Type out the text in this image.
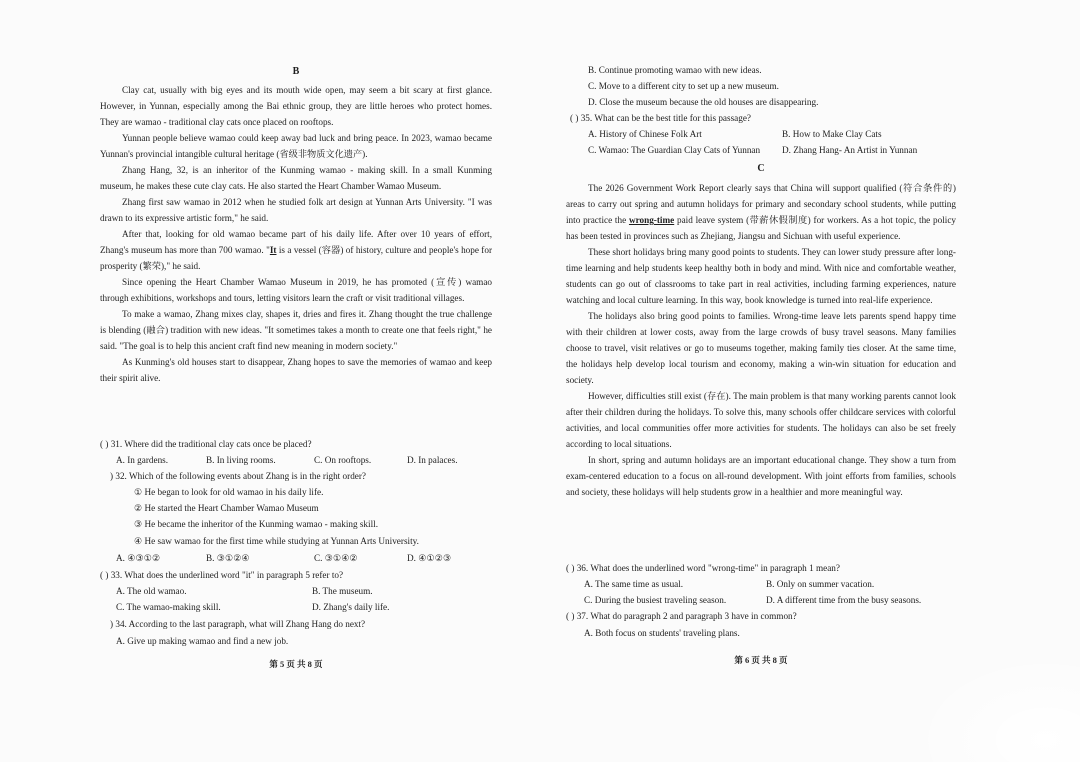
B

Clay cat, usually with big eyes and its mouth wide open, may seem a bit scary at first glance. However, in Yunnan, especially among the Bai ethnic group, they are little heroes who protect homes. They are wamao - traditional clay cats once placed on rooftops.

Yunnan people believe wamao could keep away bad luck and bring peace. In 2023, wamao became Yunnan's provincial intangible cultural heritage (省级非物质文化遗产).

Zhang Hang, 32, is an inheritor of the Kunming wamao - making skill. In a small Kunming museum, he makes these cute clay cats. He also started the Heart Chamber Wamao Museum.

Zhang first saw wamao in 2012 when he studied folk art design at Yunnan Arts University. "I was drawn to its expressive artistic form," he said.

After that, looking for old wamao became part of his daily life. After over 10 years of effort, Zhang's museum has more than 700 wamao. "It is a vessel (容器) of history, culture and people's hope for prosperity (繁荣)," he said.

Since opening the Heart Chamber Wamao Museum in 2019, he has promoted (宣传) wamao through exhibitions, workshops and tours, letting visitors learn the craft or visit traditional villages.

To make a wamao, Zhang mixes clay, shapes it, dries and fires it. Zhang thought the true challenge is blending (融合) tradition with new ideas. "It sometimes takes a month to create one that feels right," he said. "The goal is to help this ancient craft find new meaning in modern society."

As Kunming's old houses start to disappear, Zhang hopes to save the memories of wamao and keep their spirit alive.

( ) 31. Where did the traditional clay cats once be placed?
A. In gardens.	B. In living rooms.	C. On rooftops.	D. In palaces.
) 32. Which of the following events about Zhang is in the right order?
① He began to look for old wamao in his daily life.
② He started the Heart Chamber Wamao Museum
③ He became the inheritor of the Kunming wamao - making skill.
④ He saw wamao for the first time while studying at Yunnan Arts University.
A. ④③①②	B. ③①②④	C. ③①④②	D. ④①②③
( ) 33. What does the underlined word "it" in paragraph 5 refer to?
A. The old wamao.	B. The museum.
C. The wamao-making skill.	D. Zhang's daily life.
) 34. According to the last paragraph, what will Zhang Hang do next?
A. Give up making wamao and find a new job.
第 5 页 共 8 页
B. Continue promoting wamao with new ideas.
C. Move to a different city to set up a new museum.
D. Close the museum because the old houses are disappearing.
( ) 35. What can be the best title for this passage?
A. History of Chinese Folk Art	B. How to Make Clay Cats
C. Wamao: The Guardian Clay Cats of Yunnan D. Zhang Hang- An Artist in Yunnan
C

The 2026 Government Work Report clearly says that China will support qualified (符合条件的) areas to carry out spring and autumn holidays for primary and secondary school students, while putting into practice the wrong-time paid leave system (带薪休假制度) for workers. As a hot topic, the policy has been tested in provinces such as Zhejiang, Jiangsu and Sichuan with useful experience.

These short holidays bring many good points to students. They can lower study pressure after long-time learning and help students keep healthy both in body and mind. With nice and comfortable weather, students can go out of classrooms to take part in real activities, including farming experiences, nature watching and local culture learning. In this way, book knowledge is turned into real-life experience.

The holidays also bring good points to families. Wrong-time leave lets parents spend happy time with their children at lower costs, away from the large crowds of busy travel seasons. Many families choose to travel, visit relatives or go to museums together, making family ties closer. At the same time, the holidays help develop local tourism and economy, making a win-win situation for education and society.

However, difficulties still exist (存在). The main problem is that many working parents cannot look after their children during the holidays. To solve this, many schools offer childcare services with colorful activities, and local communities offer more activities for students. The holidays can also be set freely according to local situations.

In short, spring and autumn holidays are an important educational change. They show a turn from exam-centered education to a focus on all-round development. With joint efforts from families, schools and society, these holidays will help students grow in a healthier and more meaningful way.

( ) 36. What does the underlined word "wrong-time" in paragraph 1 mean?
A. The same time as usual.	B. Only on summer vacation.
C. During the busiest traveling season.	D. A different time from the busy seasons.
( ) 37. What do paragraph 2 and paragraph 3 have in common?
A. Both focus on students' traveling plans.
第 6 页 共 8 页
